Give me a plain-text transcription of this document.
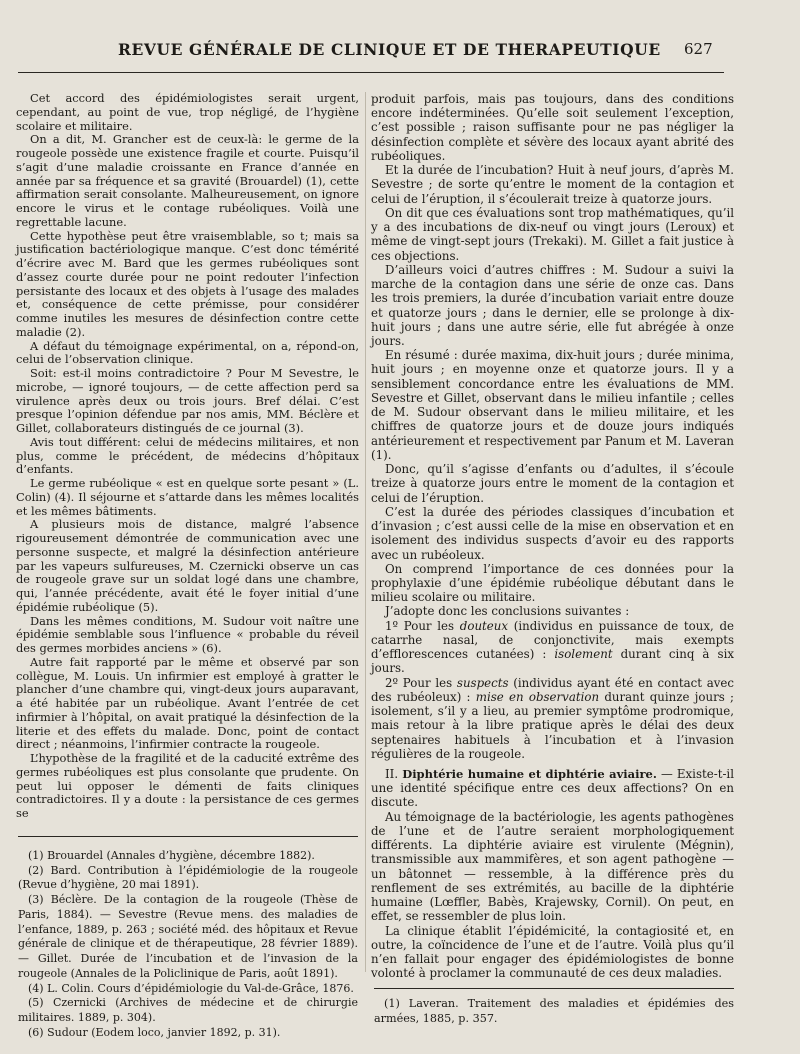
REVUE GÉNÉRALE DE CLINIQUE ET DE THERAPEUTIQUE 627

Cet accord des épidémiologistes serait urgent, cependant, au point de vue, trop négligé, de l’hygiène scolaire et militaire.

On a dit, M. Grancher est de ceux-là: le germe de la rougeole possède une existence fragile et courte. Puisqu’il s’agit d’une maladie croissante en France d’année en année par sa fréquence et sa gravité (Brouardel) (1), cette affirmation serait consolante. Malheureusement, on ignore encore le virus et le contage rubéoliques. Voilà une regrettable lacune.

Cette hypothèse peut être vraisemblable, so t; mais sa justification bactériologique manque. C’est donc témérité d’écrire avec M. Bard que les germes rubéoliques sont d’assez courte durée pour ne point redouter l’infection persistante des locaux et des objets à l’usage des malades et, conséquence de cette prémisse, pour considérer comme inutiles les mesures de désinfection contre cette maladie (2).

A défaut du témoignage expérimental, on a, répond-on, celui de l’observation clinique.

Soit: est-il moins contradictoire ? Pour M Sevestre, le microbe, — ignoré toujours, — de cette affection perd sa virulence après deux ou trois jours. Bref délai. C’est presque l’opinion défendue par nos amis, MM. Béclère et Gillet, collaborateurs distingués de ce journal (3).

Avis tout différent: celui de médecins militaires, et non plus, comme le précédent, de médecins d’hôpitaux d’enfants.

Le germe rubéolique « est en quelque sorte pesant » (L. Colin) (4). Il séjourne et s’attarde dans les mêmes localités et les mêmes bâtiments.

A plusieurs mois de distance, malgré l’absence rigoureusement démontrée de communication avec une personne suspecte, et malgré la désinfection antérieure par les vapeurs sulfureuses, M. Czernicki observe un cas de rougeole grave sur un soldat logé dans une chambre, qui, l’année précédente, avait été le foyer initial d’une épidémie rubéolique (5).

Dans les mêmes conditions, M. Sudour voit naître une épidémie semblable sous l’influence « probable du réveil des germes morbides anciens » (6).

Autre fait rapporté par le même et observé par son collègue, M. Louis. Un infirmier est employé à gratter le plancher d’une chambre qui, vingt-deux jours auparavant, a été habitée par un rubéolique. Avant l’entrée de cet infirmier à l’hôpital, on avait pratiqué la désinfection de la literie et des effets du malade. Donc, point de contact direct ; néanmoins, l’infirmier contracte la rougeole.

L’hypothèse de la fragilité et de la caducité extrême des germes rubéoliques est plus consolante que prudente. On peut lui opposer le démenti de faits cliniques contradictoires. Il y a doute : la persistance de ces germes se

(1) Brouardel (Annales d’hygiène, décembre 1882).

(2) Bard. Contribution à l’épidémiologie de la rougeole (Revue d’hygiène, 20 mai 1891).

(3) Béclère. De la contagion de la rougeole (Thèse de Paris, 1884). — Sevestre (Revue mens. des maladies de l’enfance, 1889, p. 263 ; société méd. des hôpitaux et Revue générale de clinique et de thérapeutique, 28 février 1889). — Gillet. Durée de l’incubation et de l’invasion de la rougeole (Annales de la Policlinique de Paris, août 1891).

(4) L. Colin. Cours d’épidémiologie du Val-de-Grâce, 1876.

(5) Czernicki (Archives de médecine et de chirurgie militaires. 1889, p. 304).

(6) Sudour (Eodem loco, janvier 1892, p. 31).

produit parfois, mais pas toujours, dans des conditions encore indéterminées. Qu’elle soit seulement l’exception, c’est possible ; raison suffisante pour ne pas négliger la désinfection complète et sévère des locaux ayant abrité des rubéoliques.

Et la durée de l’incubation? Huit à neuf jours, d’après M. Sevestre ; de sorte qu’entre le moment de la contagion et celui de l’éruption, il s’écoulerait treize à quatorze jours.

On dit que ces évaluations sont trop mathématiques, qu’il y a des incubations de dix-neuf ou vingt jours (Leroux) et même de vingt-sept jours (Trekaki). M. Gillet a fait justice à ces objections.

D’ailleurs voici d’autres chiffres : M. Sudour a suivi la marche de la contagion dans une série de onze cas. Dans les trois premiers, la durée d’incubation variait entre douze et quatorze jours ; dans le dernier, elle se prolonge à dix-huit jours ; dans une autre série, elle fut abrégée à onze jours.

En résumé : durée maxima, dix-huit jours ; durée minima, huit jours ; en moyenne onze et quatorze jours. Il y a sensiblement concordance entre les évaluations de MM. Sevestre et Gillet, observant dans le milieu infantile ; celles de M. Sudour observant dans le milieu militaire, et les chiffres de quatorze jours et de douze jours indiqués antérieurement et respectivement par Panum et M. Laveran (1).

Donc, qu’il s’agisse d’enfants ou d’adultes, il s’écoule treize à quatorze jours entre le moment de la contagion et celui de l’éruption.

C’est la durée des périodes classiques d’incubation et d’invasion ; c’est aussi celle de la mise en observation et en isolement des individus suspects d’avoir eu des rapports avec un rubéoleux.

On comprend l’importance de ces données pour la prophylaxie d’une épidémie rubéolique débutant dans le milieu scolaire ou militaire.

J’adopte donc les conclusions suivantes :

1º Pour les douteux (individus en puissance de toux, de catarrhe nasal, de conjonctivite, mais exempts d’efflorescences cutanées) : isolement durant cinq à six jours.

2º Pour les suspects (individus ayant été en contact avec des rubéoleux) : mise en observation durant quinze jours ; isolement, s’il y a lieu, au premier symptôme prodromique, mais retour à la libre pratique après le délai des deux septenaires habituels à l’incubation et à l’invasion régulières de la rougeole.

II. Diphtérie humaine et diphtérie aviaire. — Existe-t-il une identité spécifique entre ces deux affections? On en discute.

Au témoignage de la bactériologie, les agents pathogènes de l’une et de l’autre seraient morphologiquement différents. La diphtérie aviaire est virulente (Mégnin), transmissible aux mammifères, et son agent pathogène — un bâtonnet — ressemble, à la différence près du renflement de ses extrémités, au bacille de la diphtérie humaine (Lœffler, Babès, Krajewsky, Cornil). On peut, en effet, se ressembler de plus loin.

La clinique établit l’épidémicité, la contagiosité et, en outre, la coïncidence de l’une et de l’autre. Voilà plus qu’il n’en fallait pour engager des épidémiologistes de bonne volonté à proclamer la communauté de ces deux maladies.

(1) Laveran. Traitement des maladies et épidémies des armées, 1885, p. 357.
